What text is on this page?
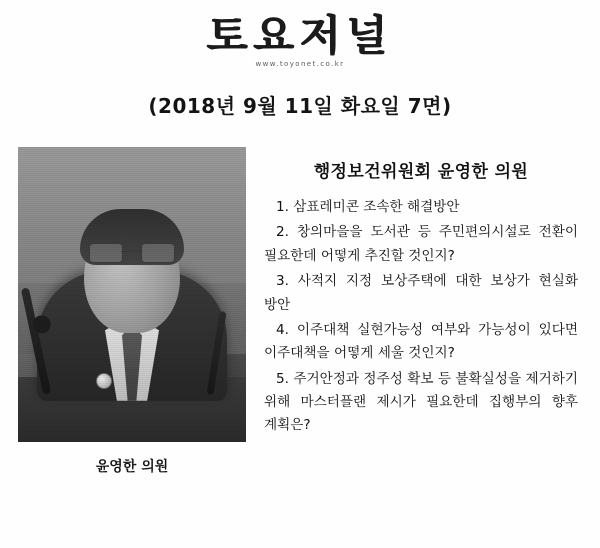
토요저널
www.toyonet.co.kr
(2018년 9월 11일 화요일 7면)
윤영한 의원
행정보건위원회 윤영한 의원
1. 삼표레미콘 조속한 해결방안
2. 창의마을을 도서관 등 주민편의시설로 전환이 필요한데 어떻게 추진할 것인지?
3. 사적지 지정 보상주택에 대한 보상가 현실화 방안
4. 이주대책 실현가능성 여부와 가능성이 있다면 이주대책을 어떻게 세울 것인지?
5. 주거안정과 정주성 확보 등 불확실성을 제거하기 위해 마스터플랜 제시가 필요한데 집행부의 향후 계획은?
